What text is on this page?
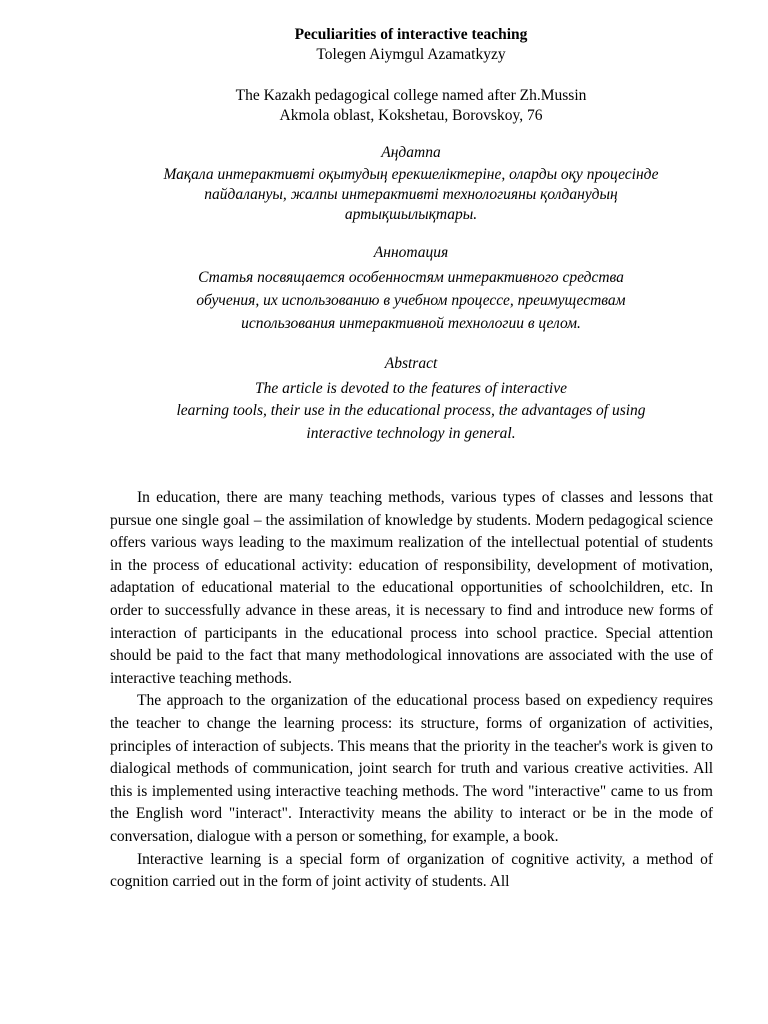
Peculiarities of interactive teaching
Tolegen Aiymgul Azamatkyzy
The Kazakh pedagogical college named after Zh.Mussin
Akmola oblast, Kokshetau, Borovskoy, 76
Аңдатпа
Мақала интерактивті оқытудың ерекшеліктеріне, оларды оқу процесінде
пайдалануы, жалпы интерактивті технологияны қолданудың
артықшылықтары.
Аннотация
Статья посвящается особенностям интерактивного средства
обучения, их использованию в учебном процессе, преимуществам
использования интерактивной технологии в целом.
Abstract
The article is devoted to the features of interactive
learning tools, their use in the educational process, the advantages of using
interactive technology in general.

In education, there are many teaching methods, various types of classes and lessons that pursue one single goal – the assimilation of knowledge by students. Modern pedagogical science offers various ways leading to the maximum realization of the intellectual potential of students in the process of educational activity: education of responsibility, development of motivation, adaptation of educational material to the educational opportunities of schoolchildren, etc. In order to successfully advance in these areas, it is necessary to find and introduce new forms of interaction of participants in the educational process into school practice. Special attention should be paid to the fact that many methodological innovations are associated with the use of interactive teaching methods.

The approach to the organization of the educational process based on expediency requires the teacher to change the learning process: its structure, forms of organization of activities, principles of interaction of subjects. This means that the priority in the teacher's work is given to dialogical methods of communication, joint search for truth and various creative activities. All this is implemented using interactive teaching methods. The word "interactive" came to us from the English word "interact". Interactivity means the ability to interact or be in the mode of conversation, dialogue with a person or something, for example, a book.

Interactive learning is a special form of organization of cognitive activity, a method of cognition carried out in the form of joint activity of students. All
